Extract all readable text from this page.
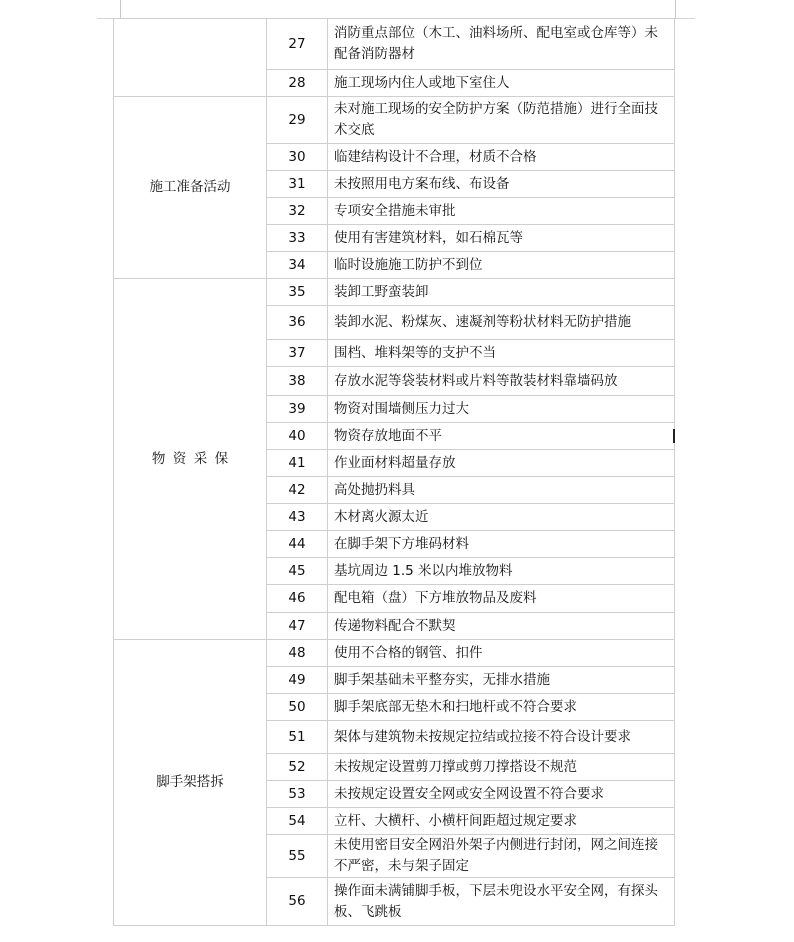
	27	消防重点部位（木工、油料场所、配电室或仓库等）未配备消防器材
	28	施工现场内住人或地下室住人
施工准备活动	29	未对施工现场的安全防护方案（防范措施）进行全面技术交底
	30	临建结构设计不合理，材质不合格
	31	未按照用电方案布线、布设备
	32	专项安全措施未审批
	33	使用有害建筑材料，如石棉瓦等
	34	临时设施施工防护不到位
物资采保	35	装卸工野蛮装卸
	36	装卸水泥、粉煤灰、速凝剂等粉状材料无防护措施
	37	围档、堆料架等的支护不当
	38	存放水泥等袋装材料或片料等散装材料靠墙码放
	39	物资对围墙侧压力过大
	40	物资存放地面不平
	41	作业面材料超量存放
	42	高处抛扔料具
	43	木材离火源太近
	44	在脚手架下方堆码材料
	45	基坑周边 1.5 米以内堆放物料
	46	配电箱（盘）下方堆放物品及废料
	47	传递物料配合不默契
脚手架搭拆	48	使用不合格的钢管、扣件
	49	脚手架基础未平整夯实，无排水措施
	50	脚手架底部无垫木和扫地杆或不符合要求
	51	架体与建筑物未按规定拉结或拉接不符合设计要求
	52	未按规定设置剪刀撑或剪刀撑搭设不规范
	53	未按规定设置安全网或安全网设置不符合要求
	54	立杆、大横杆、小横杆间距超过规定要求
	55	未使用密目安全网沿外架子内侧进行封闭，网之间连接不严密，未与架子固定
	56	操作面未满铺脚手板，下层未兜设水平安全网，有探头板、飞跳板
